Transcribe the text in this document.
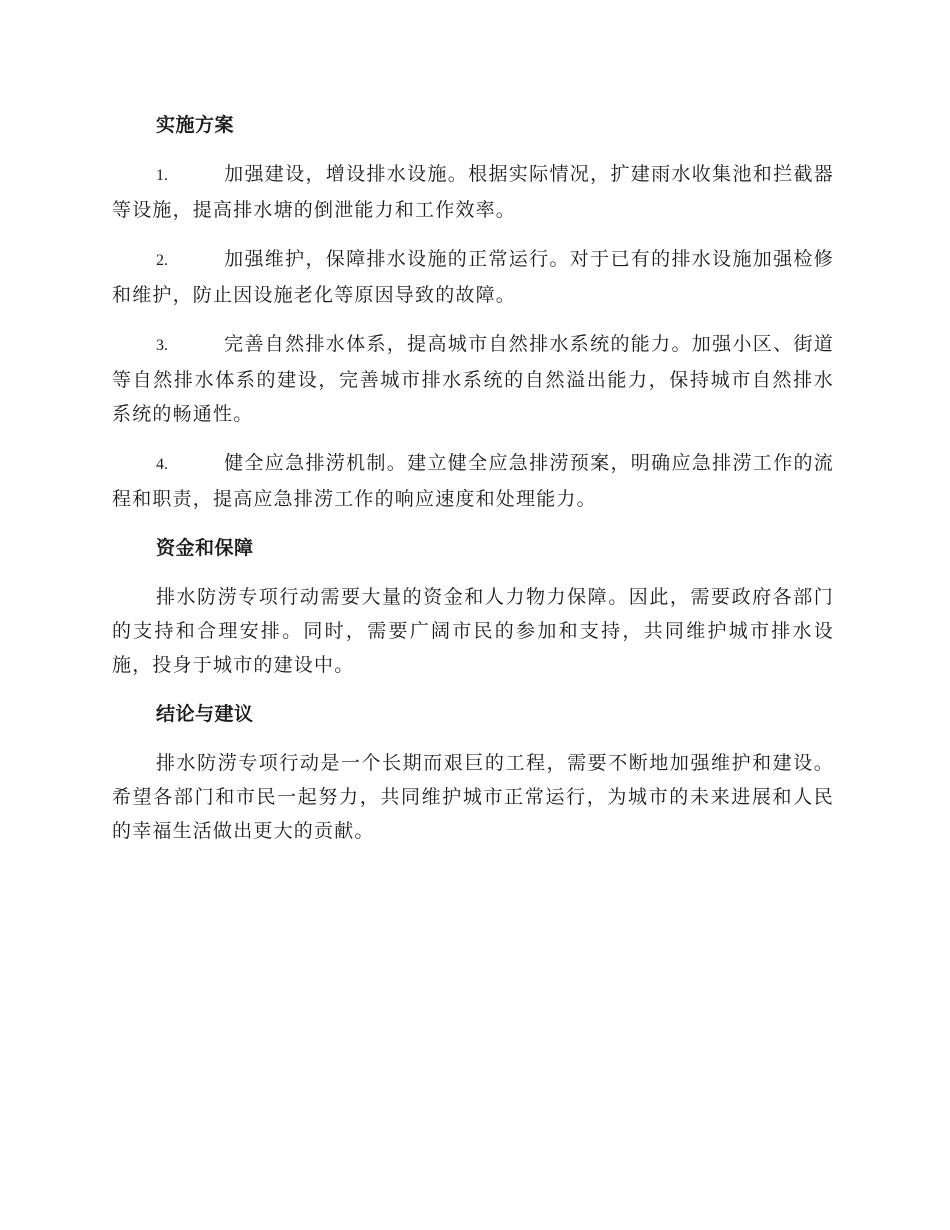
实施方案
1.	加强建设，增设排水设施。根据实际情况，扩建雨水收集池和拦截器等设施，提高排水塘的倒泄能力和工作效率。
2.	加强维护，保障排水设施的正常运行。对于已有的排水设施加强检修和维护，防止因设施老化等原因导致的故障。
3.	完善自然排水体系，提高城市自然排水系统的能力。加强小区、街道等自然排水体系的建设，完善城市排水系统的自然溢出能力，保持城市自然排水系统的畅通性。
4.	健全应急排涝机制。建立健全应急排涝预案，明确应急排涝工作的流程和职责，提高应急排涝工作的响应速度和处理能力。
资金和保障
排水防涝专项行动需要大量的资金和人力物力保障。因此，需要政府各部门的支持和合理安排。同时，需要广阔市民的参加和支持，共同维护城市排水设施，投身于城市的建设中。
结论与建议
排水防涝专项行动是一个长期而艰巨的工程，需要不断地加强维护和建设。希望各部门和市民一起努力，共同维护城市正常运行，为城市的未来进展和人民的幸福生活做出更大的贡献。
